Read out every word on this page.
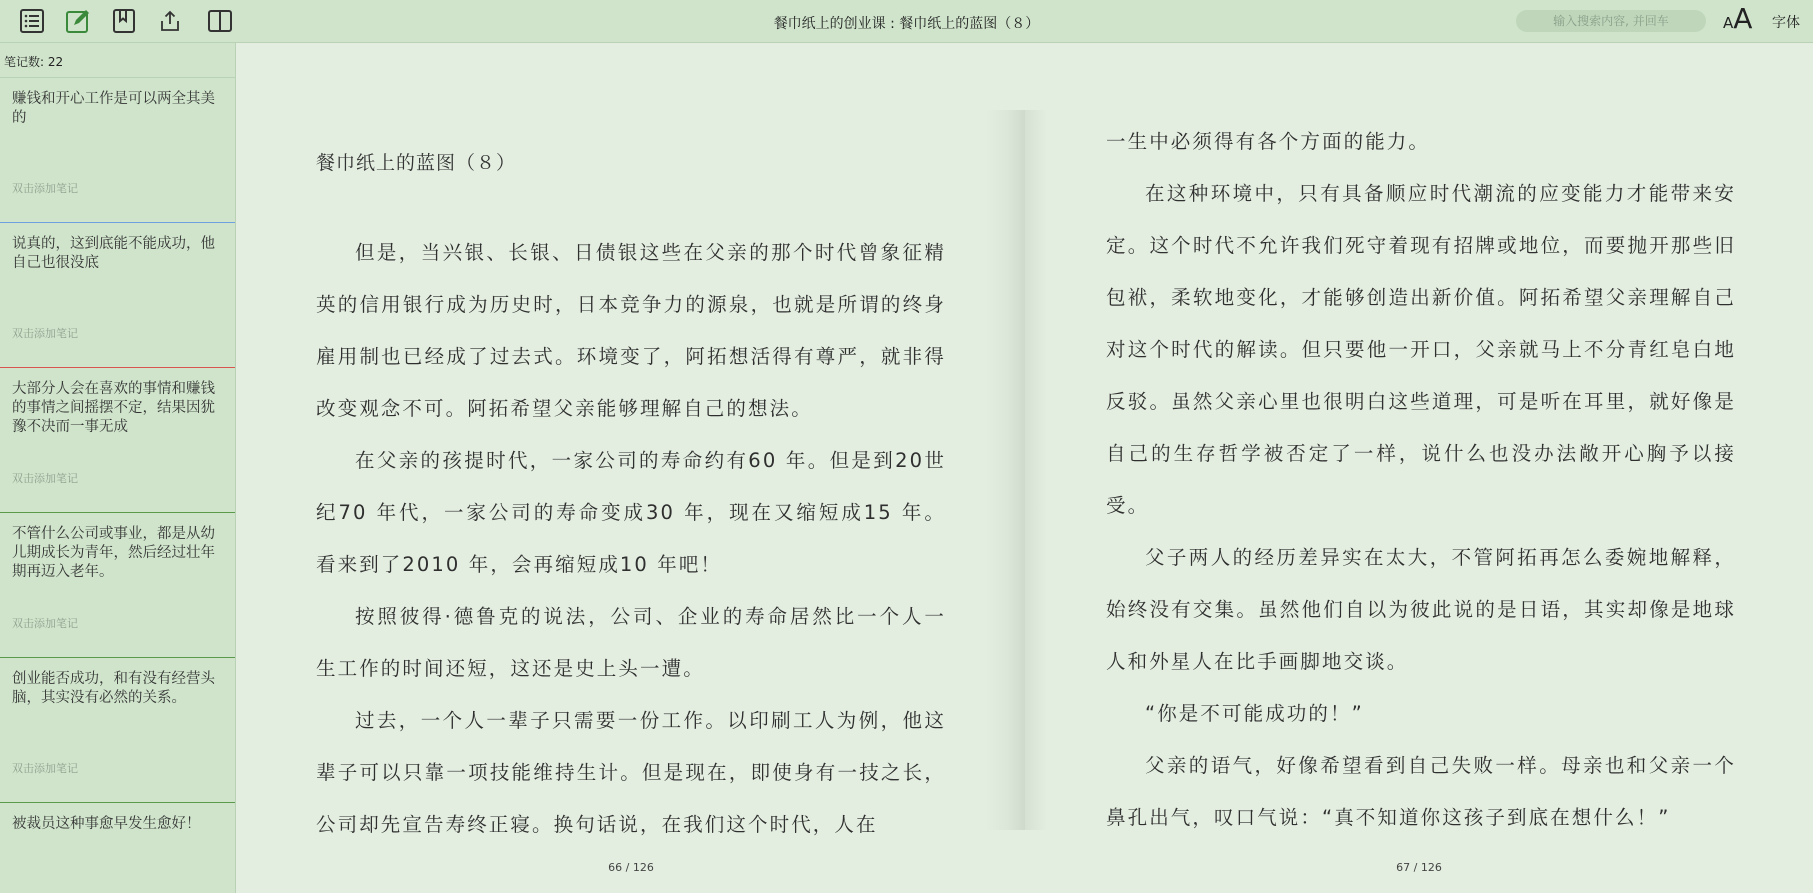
餐巾纸上的创业课 : 餐巾纸上的蓝图（８）
输入搜索内容, 并回车	AA 字体
笔记数: 22
赚钱和开心工作是可以两全其美的
双击添加笔记
说真的，这到底能不能成功，他自己也很没底
双击添加笔记
大部分人会在喜欢的事情和赚钱的事情之间摇摆不定，结果因犹豫不决而一事无成
双击添加笔记
不管什么公司或事业，都是从幼儿期成长为青年，然后经过壮年期再迈入老年。
双击添加笔记
创业能否成功，和有没有经营头脑，其实没有必然的关系。
双击添加笔记
被裁员这种事愈早发生愈好！
餐巾纸上的蓝图（８）

但是，当兴银、长银、日债银这些在父亲的那个时代曾象征精英的信用银行成为历史时，日本竞争力的源泉，也就是所谓的终身雇用制也已经成了过去式。环境变了，阿拓想活得有尊严，就非得改变观念不可。阿拓希望父亲能够理解自己的想法。

在父亲的孩提时代，一家公司的寿命约有60 年。但是到20世纪70 年代，一家公司的寿命变成30 年，现在又缩短成15 年。看来到了2010 年，会再缩短成10 年吧！

按照彼得·德鲁克的说法，公司、企业的寿命居然比一个人一生工作的时间还短，这还是史上头一遭。

过去，一个人一辈子只需要一份工作。以印刷工人为例，他这辈子可以只靠一项技能维持生计。但是现在，即使身有一技之长，公司却先宣告寿终正寝。换句话说，在我们这个时代，人在

66 / 126

一生中必须得有各个方面的能力。

在这种环境中，只有具备顺应时代潮流的应变能力才能带来安定。这个时代不允许我们死守着现有招牌或地位，而要抛开那些旧包袱，柔软地变化，才能够创造出新价值。阿拓希望父亲理解自己对这个时代的解读。但只要他一开口，父亲就马上不分青红皂白地反驳。虽然父亲心里也很明白这些道理，可是听在耳里，就好像是自己的生存哲学被否定了一样，说什么也没办法敞开心胸予以接受。

父子两人的经历差异实在太大，不管阿拓再怎么委婉地解释，始终没有交集。虽然他们自以为彼此说的是日语，其实却像是地球人和外星人在比手画脚地交谈。

“你是不可能成功的！”

父亲的语气，好像希望看到自己失败一样。母亲也和父亲一个鼻孔出气，叹口气说：“真不知道你这孩子到底在想什么！”

67 / 126
